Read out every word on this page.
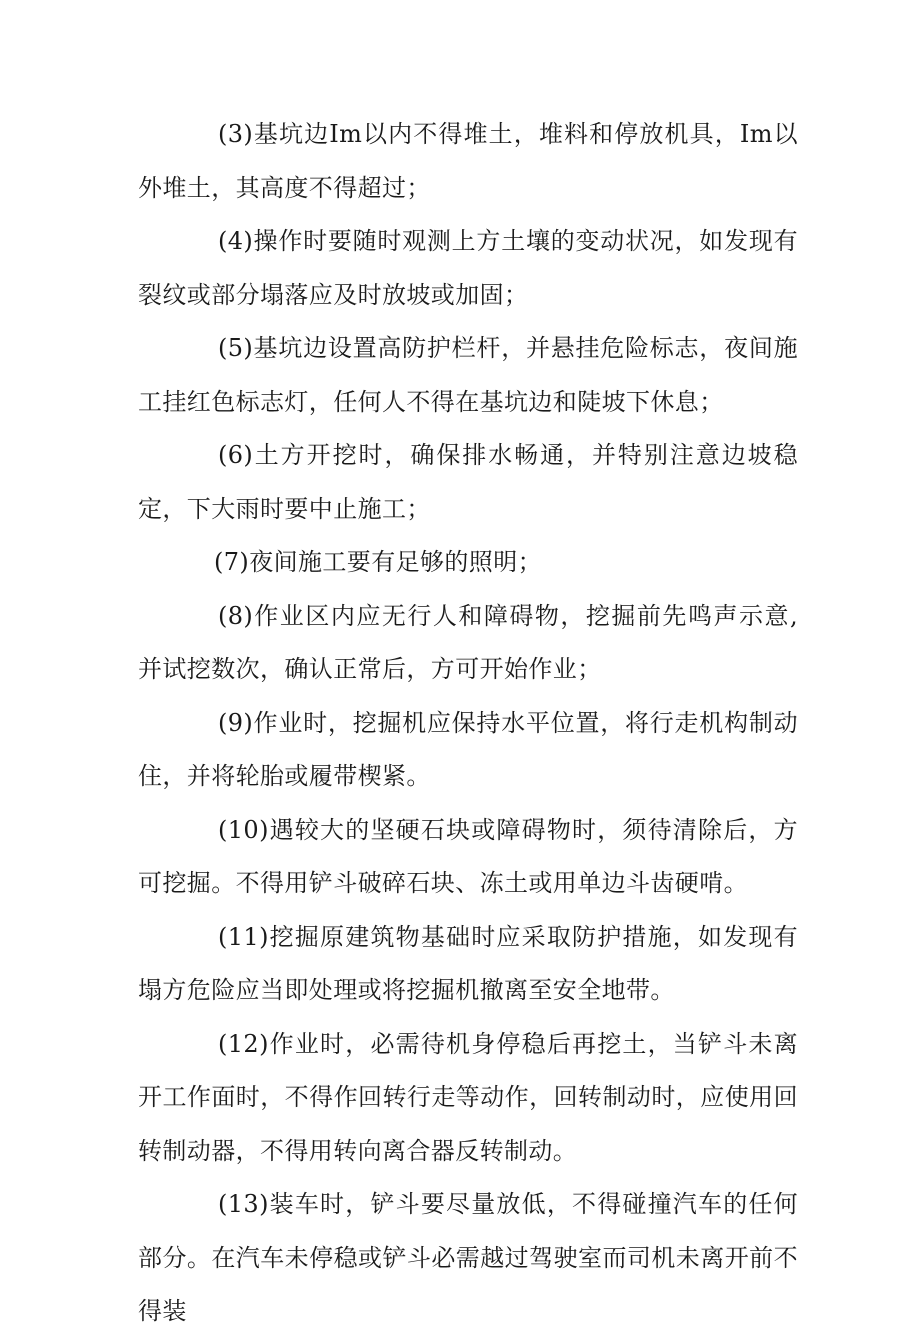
(3)基坑边Im以内不得堆土，堆料和停放机具，Im以外堆土，其高度不得超过；

(4)操作时要随时观测上方土壤的变动状况，如发现有裂纹或部分塌落应及时放坡或加固；

(5)基坑边设置高防护栏杆，并悬挂危险标志，夜间施工挂红色标志灯，任何人不得在基坑边和陡坡下休息；

(6)土方开挖时，确保排水畅通，并特别注意边坡稳定，下大雨时要中止施工；

(7)夜间施工要有足够的照明；

(8)作业区内应无行人和障碍物，挖掘前先鸣声示意,并试挖数次，确认正常后，方可开始作业；

(9)作业时，挖掘机应保持水平位置，将行走机构制动住，并将轮胎或履带楔紧。

(10)遇较大的坚硬石块或障碍物时，须待清除后，方可挖掘。不得用铲斗破碎石块、冻土或用单边斗齿硬啃。

(11)挖掘原建筑物基础时应采取防护措施，如发现有塌方危险应当即处理或将挖掘机撤离至安全地带。

(12)作业时，必需待机身停稳后再挖土，当铲斗未离开工作面时，不得作回转行走等动作，回转制动时，应使用回转制动器，不得用转向离合器反转制动。

(13)装车时，铲斗要尽量放低，不得碰撞汽车的任何部分。在汽车未停稳或铲斗必需越过驾驶室而司机未离开前不得装
